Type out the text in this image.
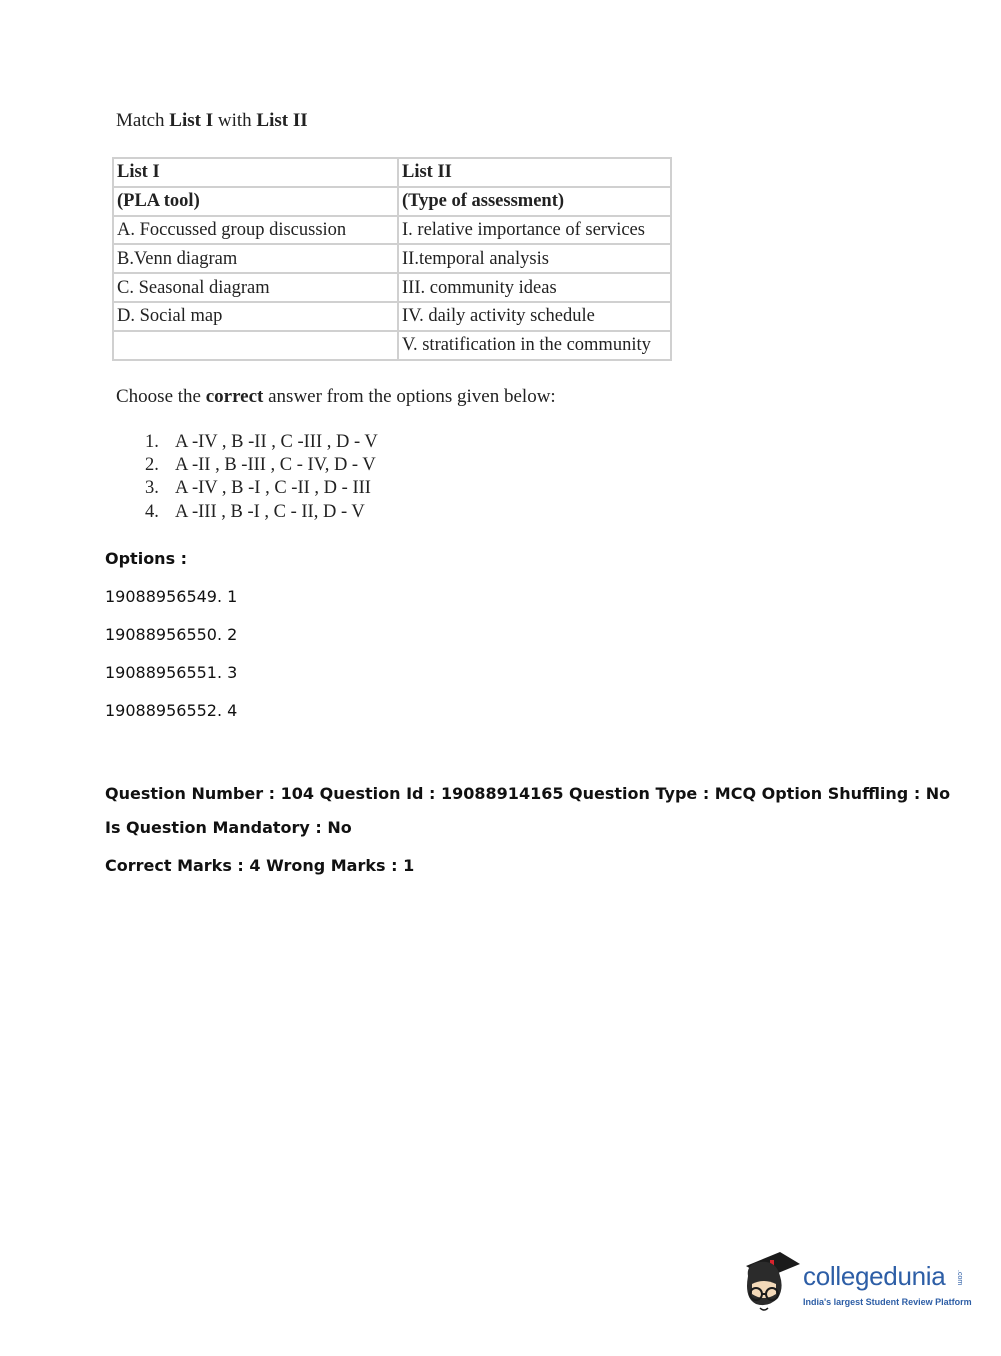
Match List I with List II
List I	List II
(PLA tool)	(Type of assessment)
A. Foccussed group discussion	I. relative importance of services
B.Venn diagram	II.temporal analysis
C. Seasonal diagram	III. community ideas
D. Social map	IV. daily activity schedule
	V. stratification in the community
Choose the correct answer from the options given below:
1. A -IV , B -II , C -III , D - V
2. A -II , B -III , C - IV, D - V
3. A -IV , B -I , C -II , D - III
4. A -III , B -I , C - II, D - V
Options :
19088956549. 1
19088956550. 2
19088956551. 3
19088956552. 4
Question Number : 104 Question Id : 19088914165 Question Type : MCQ Option Shuffling : No
Is Question Mandatory : No
Correct Marks : 4 Wrong Marks : 1
collegedunia .com
India's largest Student Review Platform
